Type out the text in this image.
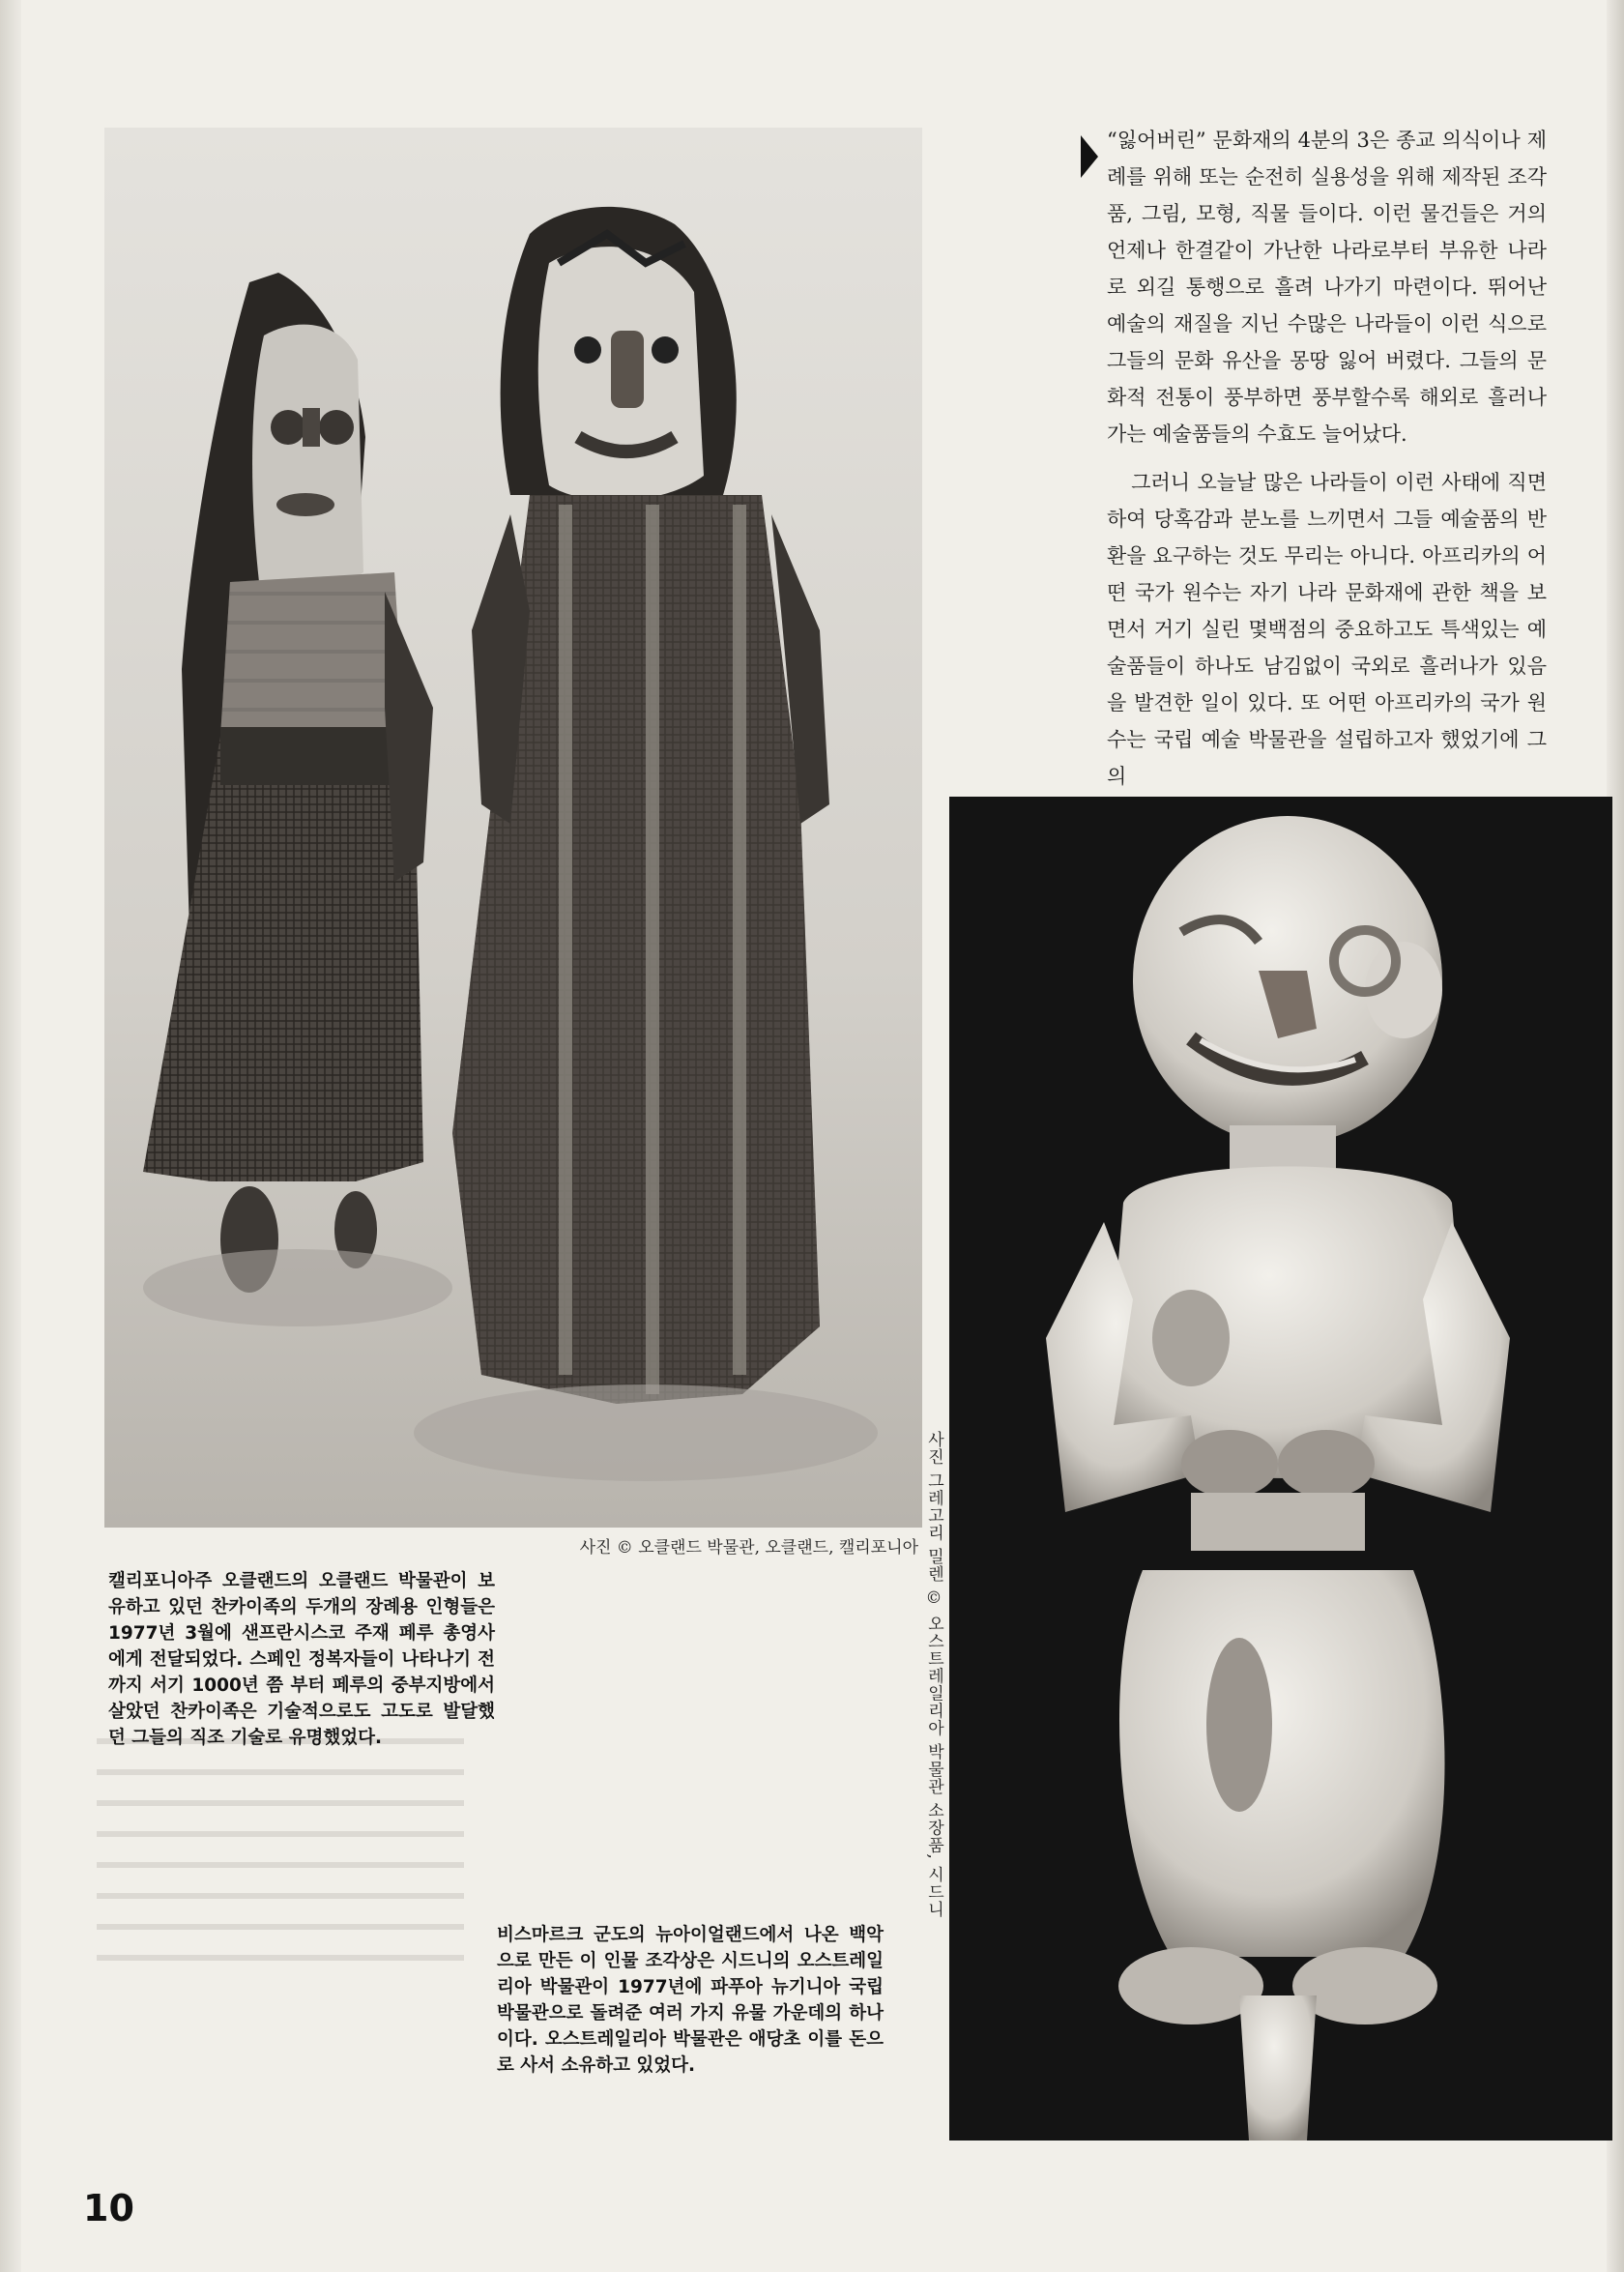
사진 © 오클랜드 박물관, 오클랜드, 캘리포니아
캘리포니아주 오클랜드의 오클랜드 박물관이 보유하고 있던 찬카이족의 두개의 장례용 인형들은 1977년 3월에 샌프란시스코 주재 페루 총영사에게 전달되었다. 스페인 정복자들이 나타나기 전까지 서기 1000년 쯤 부터 페루의 중부지방에서 살았던 찬카이족은 기술적으로도 고도로 발달했던 그들의 직조 기술로 유명했었다.

“잃어버린” 문화재의 4분의 3은 종교 의식이나 제례를 위해 또는 순전히 실용성을 위해 제작된 조각품, 그림, 모형, 직물 들이다. 이런 물건들은 거의 언제나 한결같이 가난한 나라로부터 부유한 나라로 외길 통행으로 흘려 나가기 마련이다. 뛰어난 예술의 재질을 지닌 수많은 나라들이 이런 식으로 그들의 문화 유산을 몽땅 잃어 버렸다. 그들의 문화적 전통이 풍부하면 풍부할수록 해외로 흘러나가는 예술품들의 수효도 늘어났다.

그러니 오늘날 많은 나라들이 이런 사태에 직면하여 당혹감과 분노를 느끼면서 그들 예술품의 반환을 요구하는 것도 무리는 아니다. 아프리카의 어떤 국가 원수는 자기 나라 문화재에 관한 책을 보면서 거기 실린 몇백점의 중요하고도 특색있는 예술품들이 하나도 남김없이 국외로 흘러나가 있음을 발견한 일이 있다. 또 어떤 아프리카의 국가 원수는 국립 예술 박물관을 설립하고자 했었기에 그의

사진 그레고리 밀렌 © 오스트레일리아 박물관 소장품, 시드니
비스마르크 군도의 뉴아이얼랜드에서 나온 백악으로 만든 이 인물 조각상은 시드니의 오스트레일리아 박물관이 1977년에 파푸아 뉴기니아 국립 박물관으로 돌려준 여러 가지 유물 가운데의 하나이다. 오스트레일리아 박물관은 애당초 이를 돈으로 사서 소유하고 있었다.
10
